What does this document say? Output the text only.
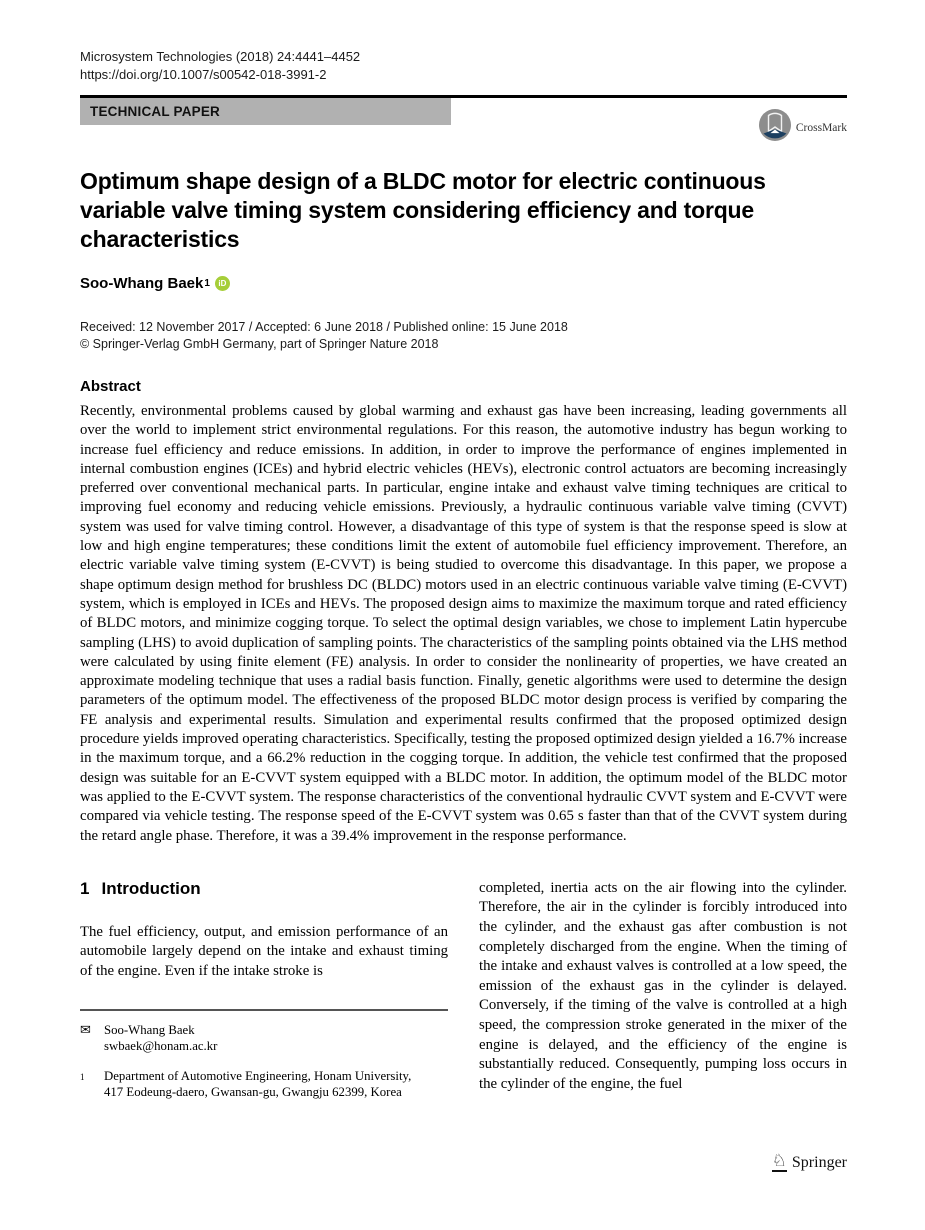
Microsystem Technologies (2018) 24:4441–4452
https://doi.org/10.1007/s00542-018-3991-2
TECHNICAL PAPER
CrossMark
Optimum shape design of a BLDC motor for electric continuous variable valve timing system considering efficiency and torque characteristics
Soo-Whang Baek 1	iD
Received: 12 November 2017 / Accepted: 6 June 2018 / Published online: 15 June 2018
© Springer-Verlag GmbH Germany, part of Springer Nature 2018
Abstract
Recently, environmental problems caused by global warming and exhaust gas have been increasing, leading governments all over the world to implement strict environmental regulations. For this reason, the automotive industry has begun working to increase fuel efficiency and reduce emissions. In addition, in order to improve the performance of engines implemented in internal combustion engines (ICEs) and hybrid electric vehicles (HEVs), electronic control actuators are becoming increasingly preferred over conventional mechanical parts. In particular, engine intake and exhaust valve timing techniques are critical to improving fuel economy and reducing vehicle emissions. Previously, a hydraulic continuous variable valve timing (CVVT) system was used for valve timing control. However, a disadvantage of this type of system is that the response speed is slow at low and high engine temperatures; these conditions limit the extent of automobile fuel efficiency improvement. Therefore, an electric variable valve timing system (E-CVVT) is being studied to overcome this disadvantage. In this paper, we propose a shape optimum design method for brushless DC (BLDC) motors used in an electric continuous variable valve timing (E-CVVT) system, which is employed in ICEs and HEVs. The proposed design aims to maximize the maximum torque and rated efficiency of BLDC motors, and minimize cogging torque. To select the optimal design variables, we chose to implement Latin hypercube sampling (LHS) to avoid duplication of sampling points. The characteristics of the sampling points obtained via the LHS method were calculated by using finite element (FE) analysis. In order to consider the nonlinearity of properties, we have created an approximate modeling technique that uses a radial basis function. Finally, genetic algorithms were used to determine the design parameters of the optimum model. The effectiveness of the proposed BLDC motor design process is verified by comparing the FE analysis and experimental results. Simulation and experimental results confirmed that the proposed optimized design procedure yields improved operating characteristics. Specifically, testing the proposed optimized design yielded a 16.7% increase in the maximum torque, and a 66.2% reduction in the cogging torque. In addition, the vehicle test confirmed that the proposed design was suitable for an E-CVVT system equipped with a BLDC motor. In addition, the optimum model of the BLDC motor was applied to the E-CVVT system. The response characteristics of the conventional hydraulic CVVT system and E-CVVT were compared via vehicle testing. The response speed of the E-CVVT system was 0.65 s faster than that of the CVVT system during the retard angle phase. Therefore, it was a 39.4% improvement in the response performance.
1 Introduction
The fuel efficiency, output, and emission performance of an automobile largely depend on the intake and exhaust timing of the engine. Even if the intake stroke is
✉	Soo-Whang Baek
swbaek@honam.ac.kr
1	Department of Automotive Engineering, Honam University,
417 Eodeung-daero, Gwansan-gu, Gwangju 62399, Korea
completed, inertia acts on the air flowing into the cylinder. Therefore, the air in the cylinder is forcibly introduced into the cylinder, and the exhaust gas after combustion is not completely discharged from the engine. When the timing of the intake and exhaust valves is controlled at a low speed, the emission of the exhaust gas in the cylinder is delayed. Conversely, if the timing of the valve is controlled at a high speed, the compression stroke generated in the mixer of the engine is delayed, and the efficiency of the engine is substantially reduced. Consequently, pumping loss occurs in the cylinder of the engine, the fuel
♘ Springer
